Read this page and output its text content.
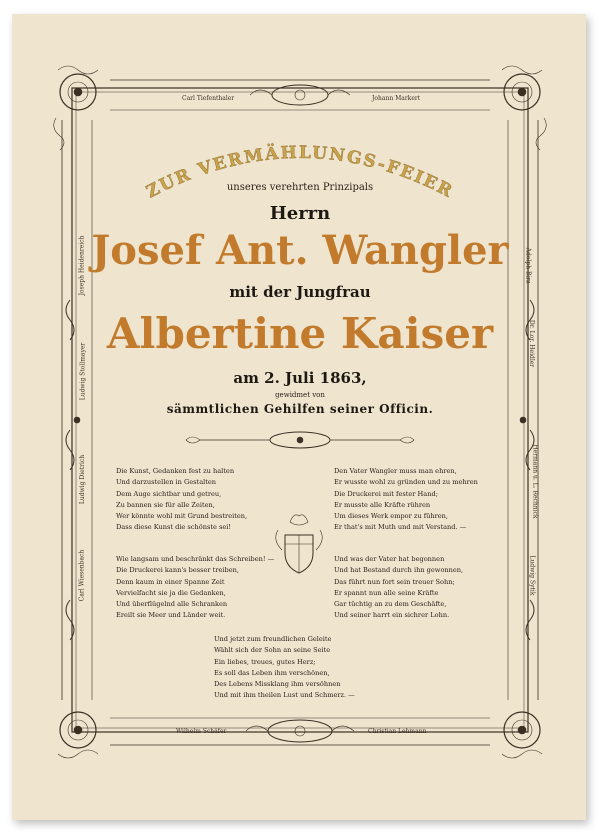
Carl Tiefenthaler	Johann Markert
Wilhelm Schäfer	Christian Lehmann
Joseph Heidenreich
Ludwig Stollmayer
Ludwig Dietrich
Carl Wiesenbach
Adolph Birz
Dr. Lor. Heidler
Hermann u. L. Rechnick
Ludwig Sytik
ZUR VERMÄHLUNGS-FEIER
unseres verehrten Prinzipals
Herrn
Josef Ant. Wangler
mit der Jungfrau
Albertine Kaiser
am 2. Juli 1863,
gewidmet von
sämmtlichen Gehilfen seiner Officin.
Die Kunst, Gedanken fest zu halten
Und darzustellen in Gestalten
Dem Auge sichtbar und getreu,
Zu bannen sie für alle Zeiten,
Wer könnte wohl mit Grund bestreiten,
Dass diese Kunst die schönste sei!
Wie langsam und beschränkt das Schreiben! —
Die Druckerei kann's besser treiben,
Denn kaum in einer Spanne Zeit
Vervielfacht sie ja die Gedanken,
Und überflügelnd alle Schranken
Ereilt sie Meer und Länder weit.
Den Vater Wangler muss man ehren,
Er wusste wohl zu gründen und zu mehren
Die Druckerei mit fester Hand;
Er musste alle Kräfte rühren
Um dieses Werk empor zu führen,
Er that's mit Muth und mit Verstand. —
Und was der Vater hat begonnen
Und hat Bestand durch ihn gewonnen,
Das führt nun fort sein treuer Sohn;
Er spannt nun alle seine Kräfte
Gar tüchtig an zu dem Geschäfte,
Und seiner harrt ein sichrer Lohn.
Und jetzt zum freundlichen Geleite
Wählt sich der Sohn an seine Seite
Ein liebes, treues, gutes Herz;
Es soll das Leben ihm verschönen,
Des Lebens Missklang ihm versöhnen
Und mit ihm theilen Lust und Schmerz. —
